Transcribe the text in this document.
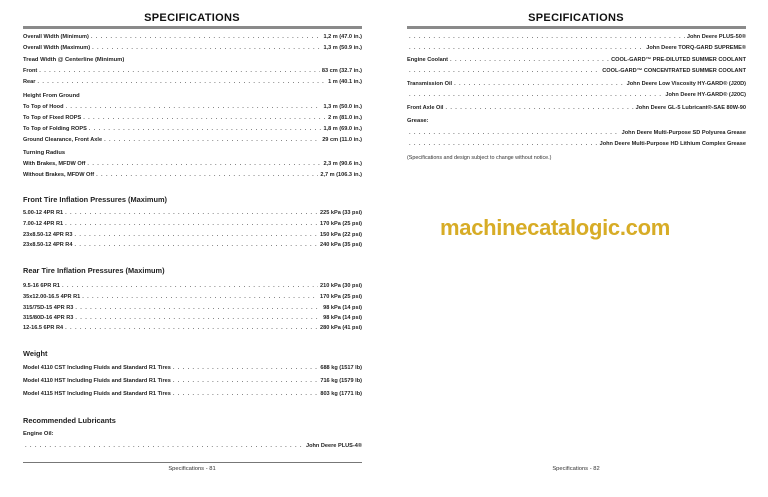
SPECIFICATIONS
Specifications - 81
Overall Width (Minimum) . . .	1,2 m (47.0 in.)
Overall Width (Maximum) . . .	1,3 m (50.9 in.)
Tread Width @ Centerline (Minimum)
Front . . .	83 cm (32.7 in.)
Rear . . .	1 m (40.1 in.)
Height From Ground
To Top of Hood . . .	1,3 m (50.0 in.)
To Top of Fixed ROPS . . .	2 m (81.0 in.)
To Top of Folding ROPS . . .	1,8 m (69.0 in.)
Ground Clearance, Front Axle . . .	29 cm (11.0 in.)
Turning Radius
With Brakes, MFDW Off . . .	2,3 m (90.6 in.)
Without Brakes, MFDW Off . . .	2,7 m (106.3 in.)
Front Tire Inflation Pressures (Maximum)
5.00-12 4PR R1 . . .	225 kPa (33 psi)
7.00-12 4PR R1 . . .	170 kPa (25 psi)
23x8.50-12 4PR R3 . . .	150 kPa (22 psi)
23x8.50-12 4PR R4 . . .	240 kPa (35 psi)
Rear Tire Inflation Pressures (Maximum)
9.5-16 6PR R1 . . .	210 kPa (30 psi)
35x12.00-16.5 4PR R1 . . .	170 kPa (25 psi)
315/75D-15 4PR R3 . . .	98 kPa (14 psi)
315/80D-16 4PR R3 . . .	98 kPa (14 psi)
12-16.5 6PR R4 . . .	280 kPa (41 psi)
Weight
Model 4110 CST Including Fluids and Standard R1 Tires . . .	688 kg (1517 lb)
Model 4110 HST Including Fluids and Standard R1 Tires . . .	716 kg (1579 lb)
Model 4115 HST Including Fluids and Standard R1 Tires . . .	803 kg (1771 lb)
Recommended Lubricants
Engine Oil:
. . .
John Deere PLUS-4®
SPECIFICATIONS
Specifications - 82
. . .
John Deere PLUS-50®
. . .
John Deere TORQ-GARD SUPREME®
Engine Coolant . . .	COOL-GARD™ PRE-DILUTED SUMMER COOLANT
. . .
COOL-GARD™ CONCENTRATED SUMMER COOLANT
Transmission Oil . . .	John Deere Low Viscosity HY-GARD® (J20D)
. . .
John Deere HY-GARD® (J20C)
Front Axle Oil . . .	John Deere GL-5 Lubricant®-SAE 80W-90
Grease:
. . .
John Deere Multi-Purpose SD Polyurea Grease
. . .
John Deere Multi-Purpose HD Lithium Complex Grease
(Specifications and design subject to change without notice.)
machinecatalogic.com
